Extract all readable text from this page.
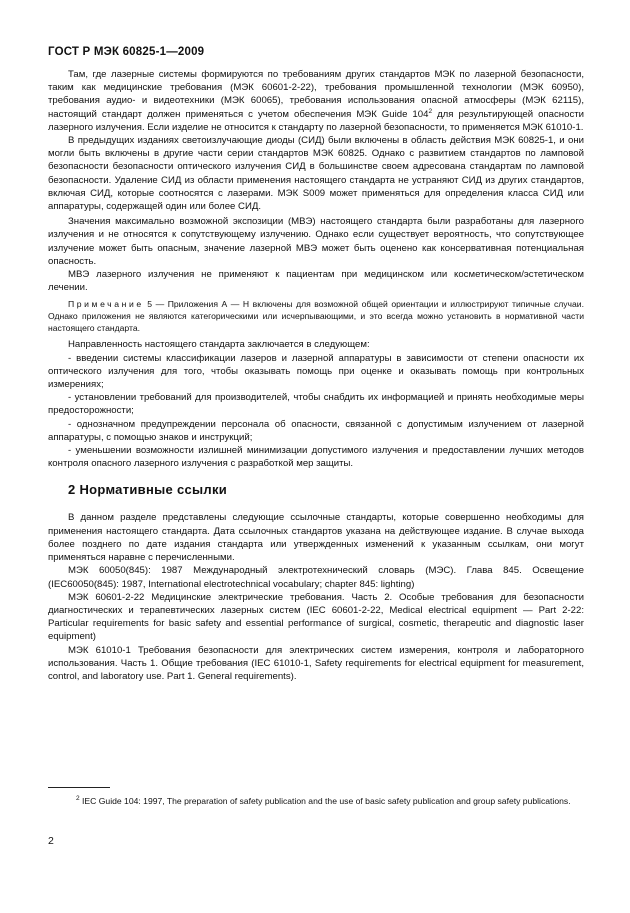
ГОСТ Р МЭК 60825-1—2009

Там, где лазерные системы формируются по требованиям других стандартов МЭК по лазерной безопасности, таким как медицинские требования (МЭК 60601-2-22), требования промышленной технологии (МЭК 60950), требования аудио- и видеотехники (МЭК 60065), требования использования опасной атмосферы (МЭК 62115), настоящий стандарт должен применяться с учетом обеспечения МЭК Guide $104^2$ для результирующей опасности лазерного излучения. Если изделие не относится к стандарту по лазерной безопасности, то применяется МЭК 61010-1.

В предыдущих изданиях светоизлучающие диоды (СИД) были включены в область действия МЭК 60825-1, и они могли быть включены в другие части серии стандартов МЭК 60825. Однако с развитием стандартов по ламповой безопасности безопасности оптического излучения СИД в большинстве своем адресована стандартам по ламповой безопасности. Удаление СИД из области применения настоящего стандарта не устраняют СИД из других стандартов, включая СИД, которые соотносятся с лазерами. МЭК S009 может применяться для определения класса СИД или аппаратуры, содержащей один или более СИД.

Значения максимально возможной экспозиции (МВЭ) настоящего стандарта были разработаны для лазерного излучения и не относятся к сопутствующему излучению. Однако если существует вероятность, что сопутствующее излучение может быть опасным, значение лазерной МВЭ может быть оценено как консервативная потенциальная опасность.

МВЭ лазерного излучения не применяют к пациентам при медицинском или косметическом/эстетическом лечении.

Примечание 5 — Приложения А — Н включены для возможной общей ориентации и иллюстрируют типичные случаи. Однако приложения не являются категорическими или исчерпывающими, и это всегда можно установить в нормативной части настоящего стандарта.

Направленность настоящего стандарта заключается в следующем:

- введении системы классификации лазеров и лазерной аппаратуры в зависимости от степени опасности их оптического излучения для того, чтобы оказывать помощь при оценке и оказывать помощь при контрольных измерениях;

- установлении требований для производителей, чтобы снабдить их информацией и принять необходимые меры предосторожности;

- однозначном предупреждении персонала об опасности, связанной с допустимым излучением от лазерной аппаратуры, с помощью знаков и инструкций;

- уменьшении возможности излишней минимизации допустимого излучения и предоставлении лучших методов контроля опасного лазерного излучения с разработкой мер защиты.

2 Нормативные ссылки

В данном разделе представлены следующие ссылочные стандарты, которые совершенно необходимы для применения настоящего стандарта. Дата ссылочных стандартов указана на действующее издание. В случае выхода более позднего по дате издания стандарта или утвержденных изменений к указанным ссылкам, они могут применяться наравне с перечисленными.

МЭК 60050(845): 1987 Международный электротехнический словарь (МЭС). Глава 845. Освещение (IEC60050(845): 1987, International electrotechnical vocabulary; chapter 845: lighting)

МЭК 60601-2-22 Медицинские электрические требования. Часть 2. Особые требования для безопасности диагностических и терапевтических лазерных систем (IEC 60601-2-22, Medical electrical equipment — Part 2-22: Particular requirements for basic safety and essential performance of surgical, cosmetic, therapeutic and diagnostic laser equipment)

МЭК 61010-1 Требования безопасности для электрических систем измерения, контроля и лабораторного использования. Часть 1. Общие требования (IEC 61010-1, Safety requirements for electrical equipment for measurement, control, and laboratory use. Part 1. General requirements).

$^2$ IEC Guide 104: 1997, The preparation of safety publication and the use of basic safety publication and group safety publications.
2
